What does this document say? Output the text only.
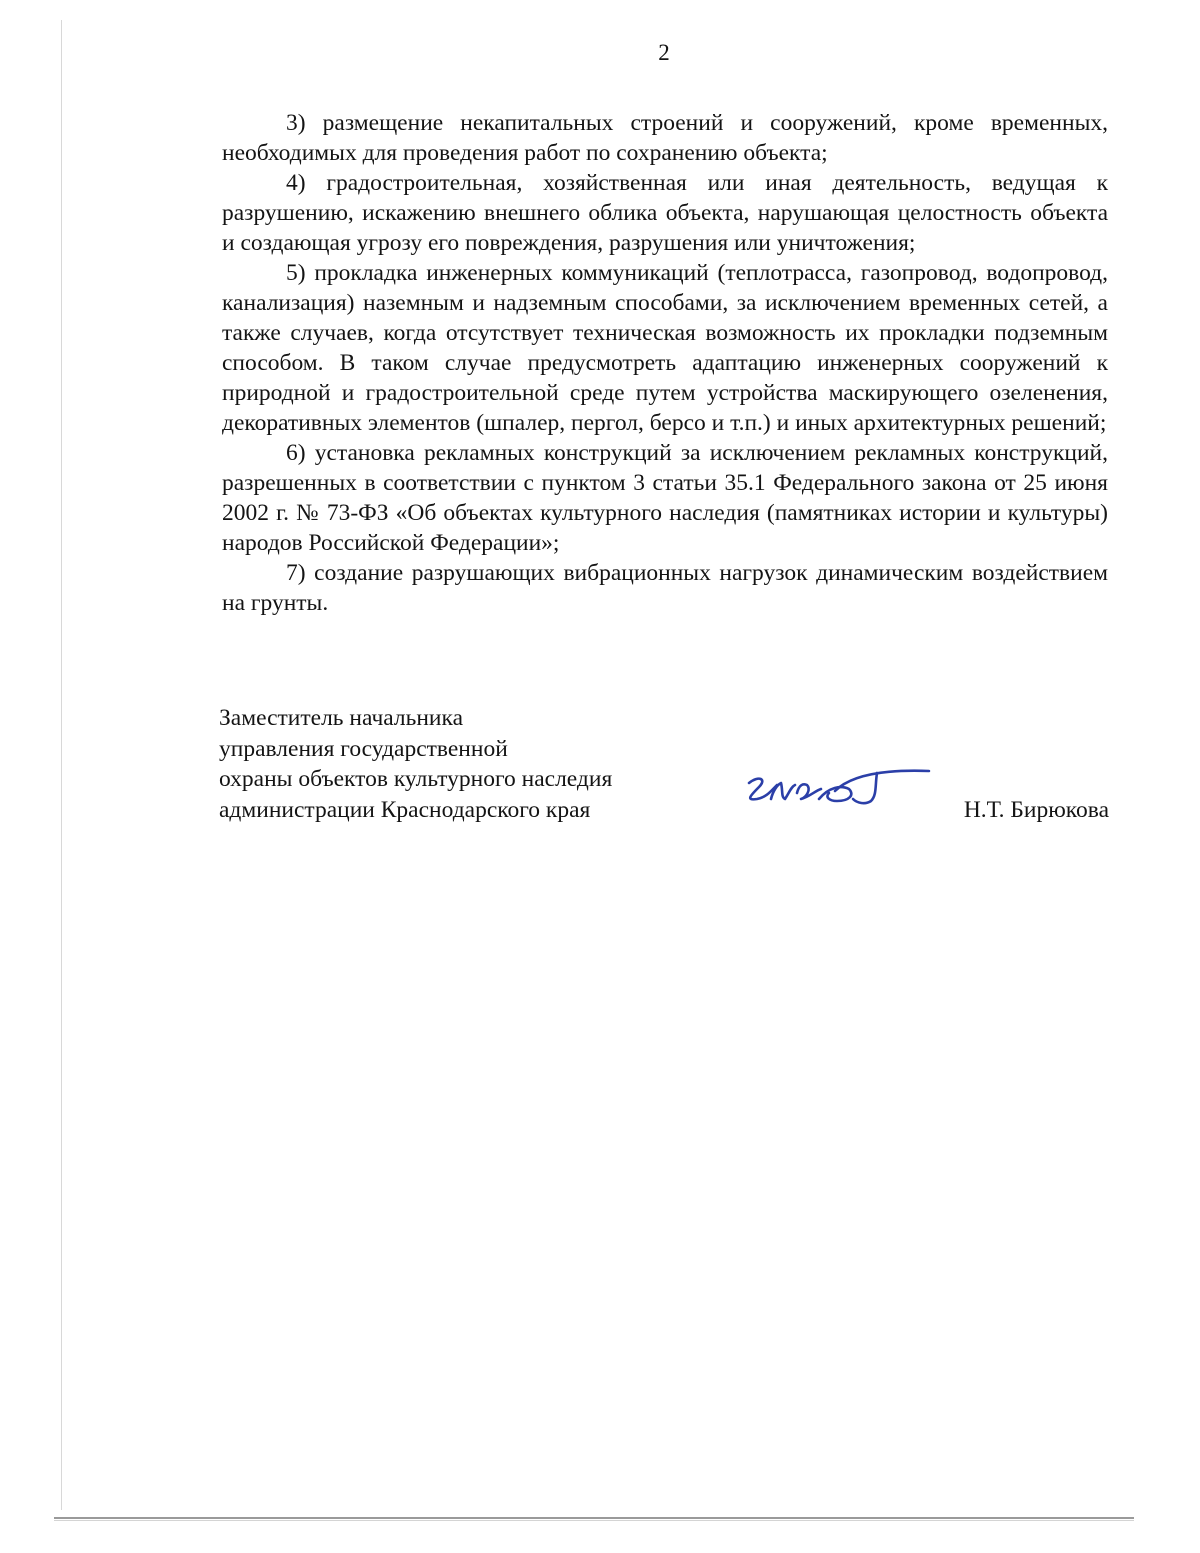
2

3) размещение некапитальных строений и сооружений, кроме временных, необходимых для проведения работ по сохранению объекта;

4) градостроительная, хозяйственная или иная деятельность, ведущая к разрушению, искажению внешнего облика объекта, нарушающая целостность объекта и создающая угрозу его повреждения, разрушения или уничтожения;

5) прокладка инженерных коммуникаций (теплотрасса, газопровод, водопровод, канализация) наземным и надземным способами, за исключением временных сетей, а также случаев, когда отсутствует техническая возможность их прокладки подземным способом. В таком случае предусмотреть адаптацию инженерных сооружений к природной и градостроительной среде путем устройства маскирующего озеленения, декоративных элементов (шпалер, пергол, берсо и т.п.) и иных архитектурных решений;

6) установка рекламных конструкций за исключением рекламных конструкций, разрешенных в соответствии с пунктом 3 статьи 35.1 Федерального закона от 25 июня 2002 г. № 73-ФЗ «Об объектах культурного наследия (памятниках истории и культуры) народов Российской Федерации»;

7) создание разрушающих вибрационных нагрузок динамическим воздействием на грунты.

Заместитель начальника
управления государственной
охраны объектов культурного наследия
администрации Краснодарского края	Н.Т. Бирюкова
